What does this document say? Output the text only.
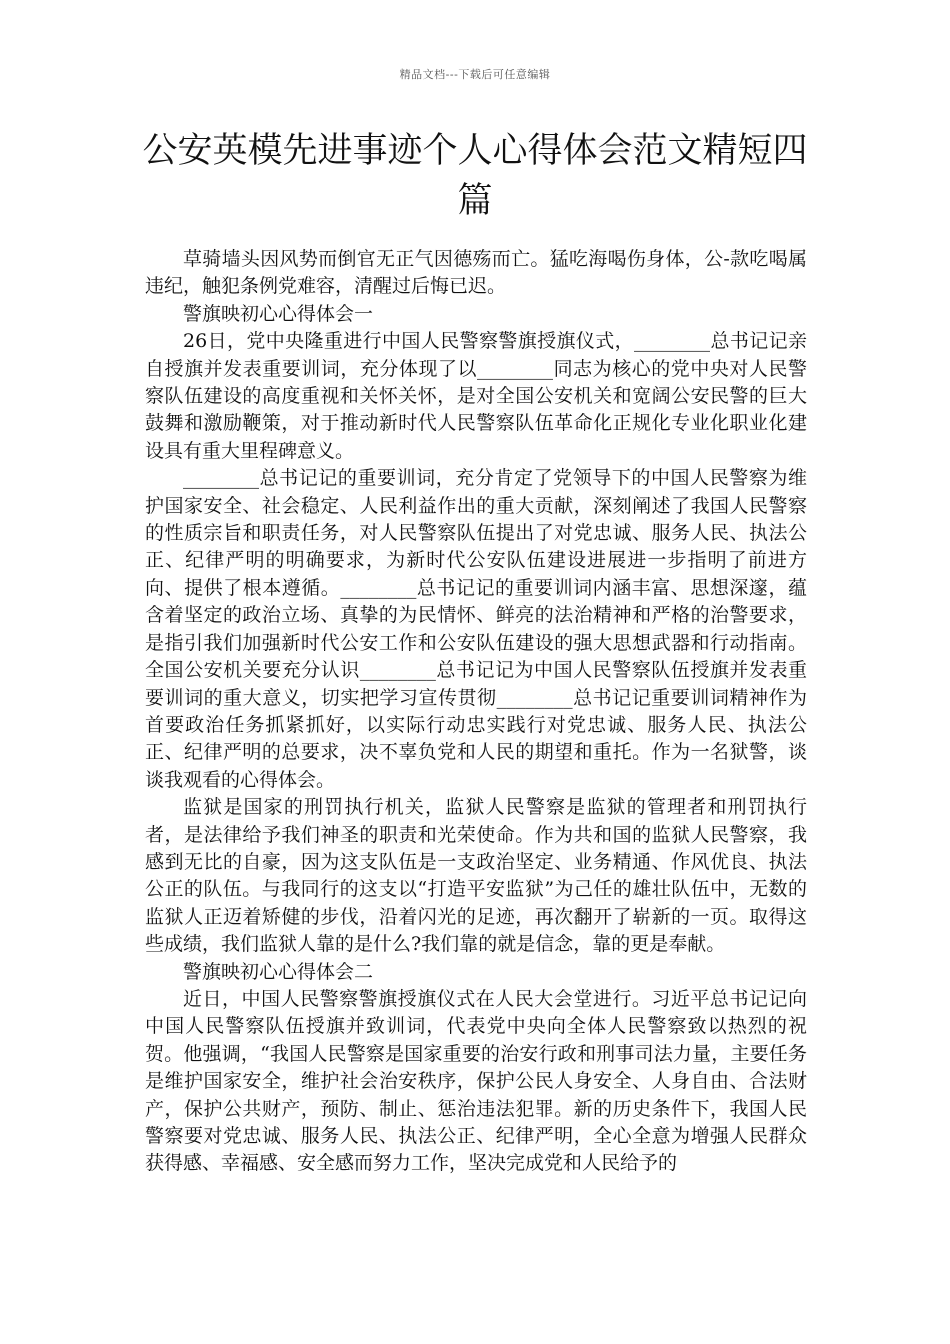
精品文档---下载后可任意编辑
公安英模先进事迹个人心得体会范文精短四篇

草骑墙头因风势而倒官无正气因德殇而亡。猛吃海喝伤身体，公-款吃喝属违纪，触犯条例党难容，清醒过后悔已迟。

警旗映初心心得体会一

26日，党中央隆重进行中国人民警察警旗授旗仪式，________总书记记亲自授旗并发表重要训词，充分体现了以________同志为核心的党中央对人民警察队伍建设的高度重视和关怀关怀，是对全国公安机关和宽阔公安民警的巨大鼓舞和激励鞭策，对于推动新时代人民警察队伍革命化正规化专业化职业化建设具有重大里程碑意义。

________总书记记的重要训词，充分肯定了党领导下的中国人民警察为维护国家安全、社会稳定、人民利益作出的重大贡献，深刻阐述了我国人民警察的性质宗旨和职责任务，对人民警察队伍提出了对党忠诚、服务人民、执法公正、纪律严明的明确要求，为新时代公安队伍建设进展进一步指明了前进方向、提供了根本遵循。________总书记记的重要训词内涵丰富、思想深邃，蕴含着坚定的政治立场、真挚的为民情怀、鲜亮的法治精神和严格的治警要求，是指引我们加强新时代公安工作和公安队伍建设的强大思想武器和行动指南。全国公安机关要充分认识________总书记记为中国人民警察队伍授旗并发表重要训词的重大意义，切实把学习宣传贯彻________总书记记重要训词精神作为首要政治任务抓紧抓好，以实际行动忠实践行对党忠诚、服务人民、执法公正、纪律严明的总要求，决不辜负党和人民的期望和重托。作为一名狱警，谈谈我观看的心得体会。

监狱是国家的刑罚执行机关，监狱人民警察是监狱的管理者和刑罚执行者，是法律给予我们神圣的职责和光荣使命。作为共和国的监狱人民警察，我感到无比的自豪，因为这支队伍是一支政治坚定、业务精通、作风优良、执法公正的队伍。与我同行的这支以“打造平安监狱”为己任的雄壮队伍中，无数的监狱人正迈着矫健的步伐，沿着闪光的足迹，再次翻开了崭新的一页。取得这些成绩，我们监狱人靠的是什么?我们靠的就是信念，靠的更是奉献。

警旗映初心心得体会二

近日，中国人民警察警旗授旗仪式在人民大会堂进行。习近平总书记记向中国人民警察队伍授旗并致训词，代表党中央向全体人民警察致以热烈的祝贺。他强调，“我国人民警察是国家重要的治安行政和刑事司法力量，主要任务是维护国家安全，维护社会治安秩序，保护公民人身安全、人身自由、合法财产，保护公共财产，预防、制止、惩治违法犯罪。新的历史条件下，我国人民警察要对党忠诚、服务人民、执法公正、纪律严明，全心全意为增强人民群众获得感、幸福感、安全感而努力工作，坚决完成党和人民给予的
